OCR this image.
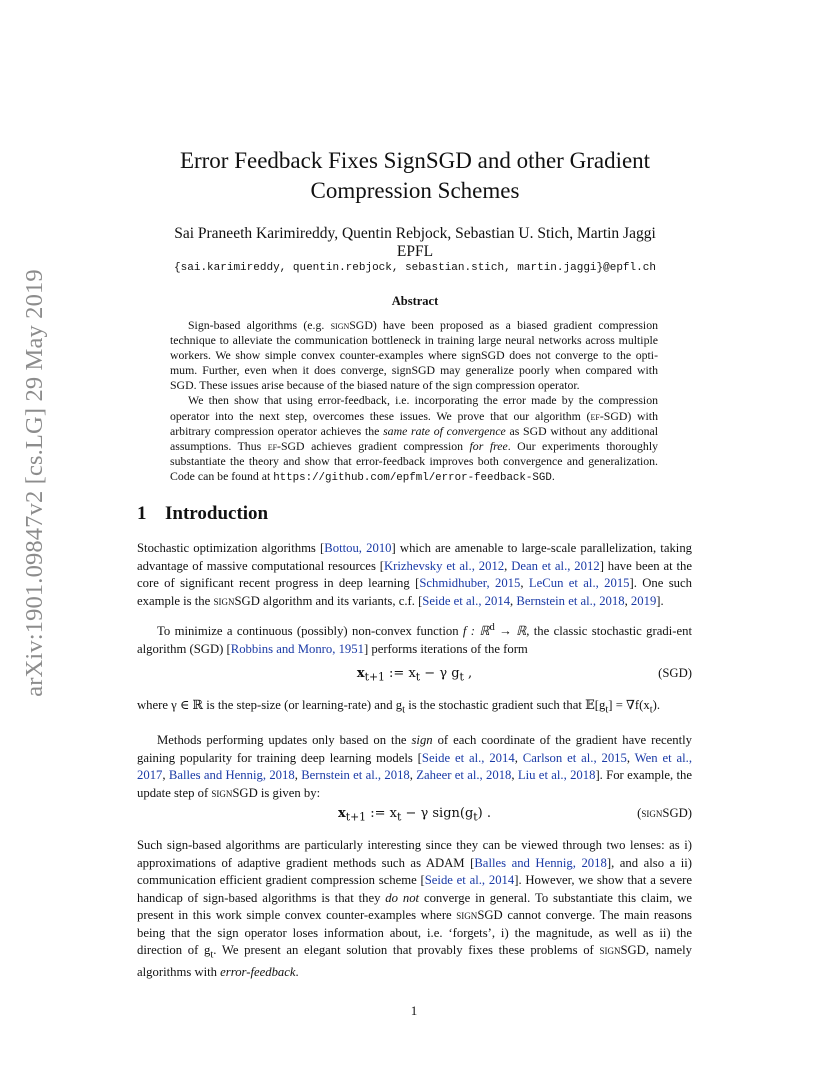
arXiv:1901.09847v2 [cs.LG] 29 May 2019
Error Feedback Fixes SignSGD and other Gradient
Compression Schemes
Sai Praneeth Karimireddy, Quentin Rebjock, Sebastian U. Stich, Martin Jaggi
EPFL
{sai.karimireddy, quentin.rebjock, sebastian.stich, martin.jaggi}@epfl.ch
Abstract

Sign-based algorithms (e.g. signSGD) have been proposed as a biased gradient compression technique to alleviate the communication bottleneck in training large neural networks across multiple workers. We show simple convex counter-examples where signSGD does not converge to the opti-mum. Further, even when it does converge, signSGD may generalize poorly when compared with SGD. These issues arise because of the biased nature of the sign compression operator.

We then show that using error-feedback, i.e. incorporating the error made by the compression operator into the next step, overcomes these issues. We prove that our algorithm (ef-SGD) with arbitrary compression operator achieves the same rate of convergence as SGD without any additional assumptions. Thus ef-SGD achieves gradient compression for free. Our experiments thoroughly substantiate the theory and show that error-feedback improves both convergence and generalization. Code can be found at https://github.com/epfml/error-feedback-SGD.

1 Introduction

Stochastic optimization algorithms [Bottou, 2010] which are amenable to large-scale parallelization, taking advantage of massive computational resources [Krizhevsky et al., 2012, Dean et al., 2012] have been at the core of significant recent progress in deep learning [Schmidhuber, 2015, LeCun et al., 2015]. One such example is the signSGD algorithm and its variants, c.f. [Seide et al., 2014, Bernstein et al., 2018, 2019].

To minimize a continuous (possibly) non-convex function f : ℝ$^d$ → ℝ, the classic stochastic gradi-ent algorithm (SGD) [Robbins and Monro, 1951] performs iterations of the form

$x_{t+1}$ := $x_t - \gamma$ $g_t$ ,	(SGD)

where γ ∈ ℝ is the step-size (or learning-rate) and $g_t$ is the stochastic gradient such that $𝔼[g_t] = \nabla f(x_t)$.

Methods performing updates only based on the sign of each coordinate of the gradient have recently gaining popularity for training deep learning models [Seide et al., 2014, Carlson et al., 2015, Wen et al., 2017, Balles and Hennig, 2018, Bernstein et al., 2018, Zaheer et al., 2018, Liu et al., 2018]. For example, the update step of signSGD is given by:

$x_{t+1}$ := $x_t - \gamma$ $sign(g_t)$ .	(signSGD)

Such sign-based algorithms are particularly interesting since they can be viewed through two lenses: as i) approximations of adaptive gradient methods such as ADAM [Balles and Hennig, 2018], and also a ii) communication efficient gradient compression scheme [Seide et al., 2014]. However, we show that a severe handicap of sign-based algorithms is that they do not converge in general. To substantiate this claim, we present in this work simple convex counter-examples where signSGD cannot converge. The main reasons being that the sign operator loses information about, i.e. ‘forgets’, i) the magnitude, as well as ii) the direction of $g_t$. We present an elegant solution that provably fixes these problems of signSGD, namely algorithms with error-feedback.

1
